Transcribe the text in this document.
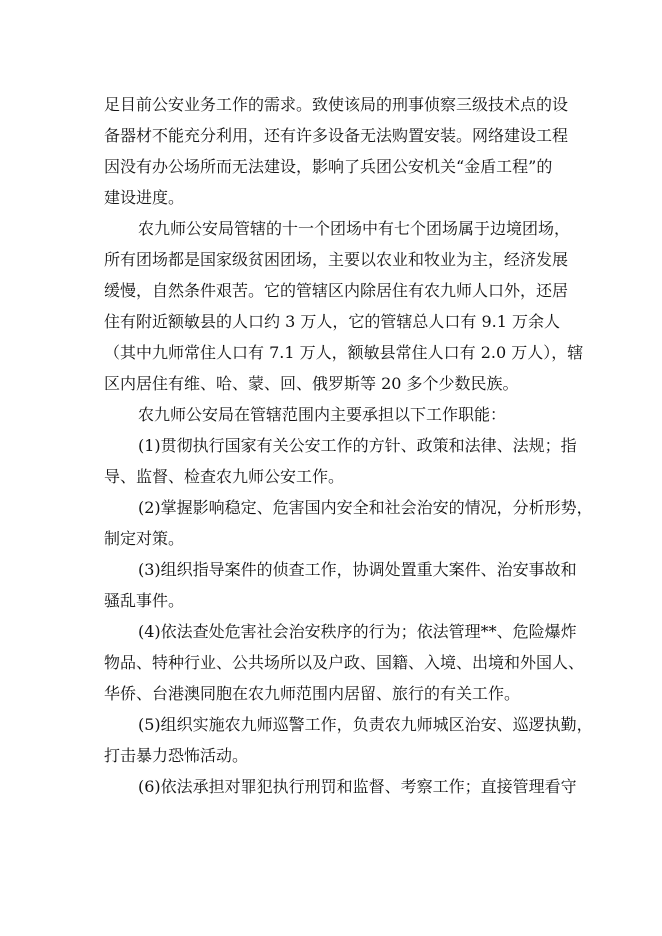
足目前公安业务工作的需求。致使该局的刑事侦察三级技术点的设
备器材不能充分利用，还有许多设备无法购置安装。网络建设工程
因没有办公场所而无法建设，影响了兵团公安机关“金盾工程”的
建设进度。
农九师公安局管辖的十一个团场中有七个团场属于边境团场，
所有团场都是国家级贫困团场，主要以农业和牧业为主，经济发展
缓慢，自然条件艰苦。它的管辖区内除居住有农九师人口外，还居
住有附近额敏县的人口约 3 万人，它的管辖总人口有 9.1 万余人
（其中九师常住人口有 7.1 万人，额敏县常住人口有 2.0 万人），辖
区内居住有维、哈、蒙、回、俄罗斯等 20 多个少数民族。
农九师公安局在管辖范围内主要承担以下工作职能：
(1)贯彻执行国家有关公安工作的方针、政策和法律、法规；指
导、监督、检查农九师公安工作。
(2)掌握影响稳定、危害国内安全和社会治安的情况，分析形势，
制定对策。
(3)组织指导案件的侦查工作，协调处置重大案件、治安事故和
骚乱事件。
(4)依法查处危害社会治安秩序的行为；依法管理**、危险爆炸
物品、特种行业、公共场所以及户政、国籍、入境、出境和外国人、
华侨、台港澳同胞在农九师范围内居留、旅行的有关工作。
(5)组织实施农九师巡警工作，负责农九师城区治安、巡逻执勤，
打击暴力恐怖活动。
(6)依法承担对罪犯执行刑罚和监督、考察工作；直接管理看守
